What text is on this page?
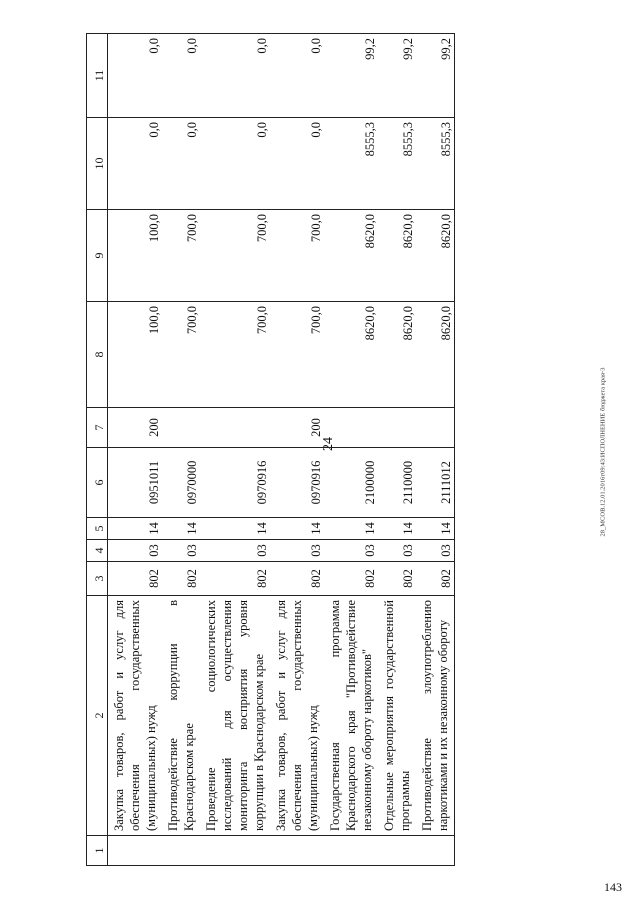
24
1	2	3	4	5	6	7	8	9	10	11
	Закупка товаров, работ и услуг для обеспечения государственных (муниципальных) нужд	802	03	14	0951011	200	100,0	100,0	0,0	0,0
	Противодействие коррупции в Краснодарском крае	802	03	14	0970000		700,0	700,0	0,0	0,0
	Проведение социологических исследований для осуществления мониторинга восприятия уровня коррупции в Краснодарском крае	802	03	14	0970916		700,0	700,0	0,0	0,0
	Закупка товаров, работ и услуг для обеспечения государственных (муниципальных) нужд	802	03	14	0970916	200	700,0	700,0	0,0	0,0
	Государственная программа Краснодарского края "Противодействие незаконному обороту наркотиков"	802	03	14	2100000		8620,0	8620,0	8555,3	99,2
	Отдельные мероприятия государственной программы	802	03	14	2110000		8620,0	8620,0	8555,3	99,2
	Противодействие злоупотреблению наркотиками и их незаконному обороту	802	03	14	2111012		8620,0	8620,0	8555,3	99,2
28_МСОВ.12.01.2016т09:43:ИСПОЛНЕНИЕ бюджета края-3
143
